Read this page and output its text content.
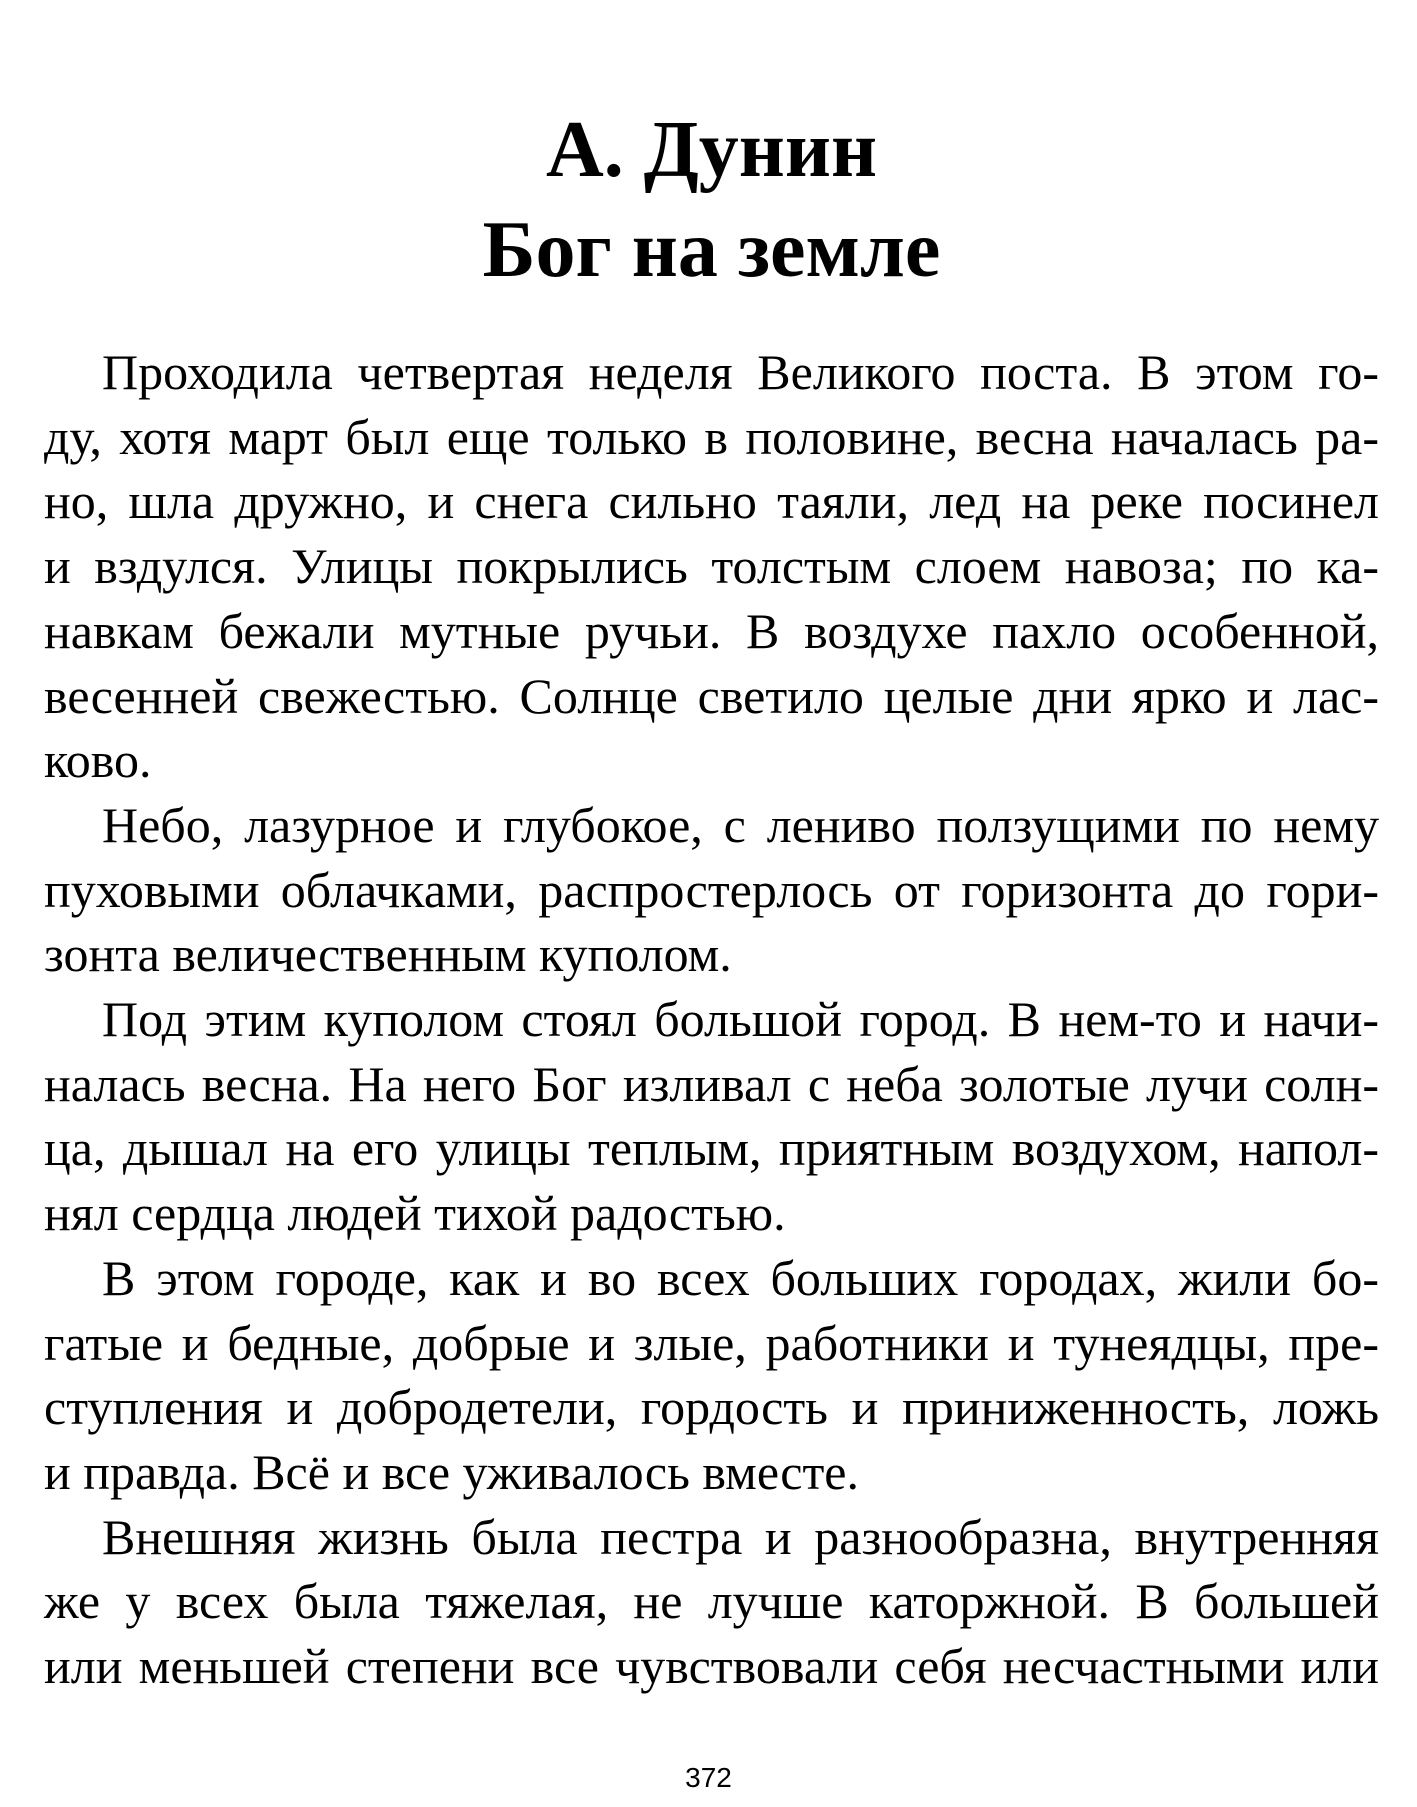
А. Дунин
Бог на земле

Проходила четвертая неделя Великого поста. В этом го-
ду, хотя март был еще только в половине, весна началась ра-
но, шла дружно, и снега сильно таяли, лед на реке посинел
и вздулся. Улицы покрылись толстым слоем навоза; по ка-
навкам бежали мутные ручьи. В воздухе пахло особенной,
весенней свежестью. Солнце светило целые дни ярко и лас-
ково.

Небо, лазурное и глубокое, с лениво ползущими по нему
пуховыми облачками, распростерлось от горизонта до гори-
зонта величественным куполом.

Под этим куполом стоял большой город. В нем-то и начи-
налась весна. На него Бог изливал с неба золотые лучи солн-
ца, дышал на его улицы теплым, приятным воздухом, напол-
нял сердца людей тихой радостью.

В этом городе, как и во всех больших городах, жили бо-
гатые и бедные, добрые и злые, работники и тунеядцы, пре-
ступления и добродетели, гордость и приниженность, ложь
и правда. Всё и все уживалось вместе.

Внешняя жизнь была пестра и разнообразна, внутренняя
же у всех была тяжелая, не лучше каторжной. В большей
или меньшей степени все чувствовали себя несчастными или

372
